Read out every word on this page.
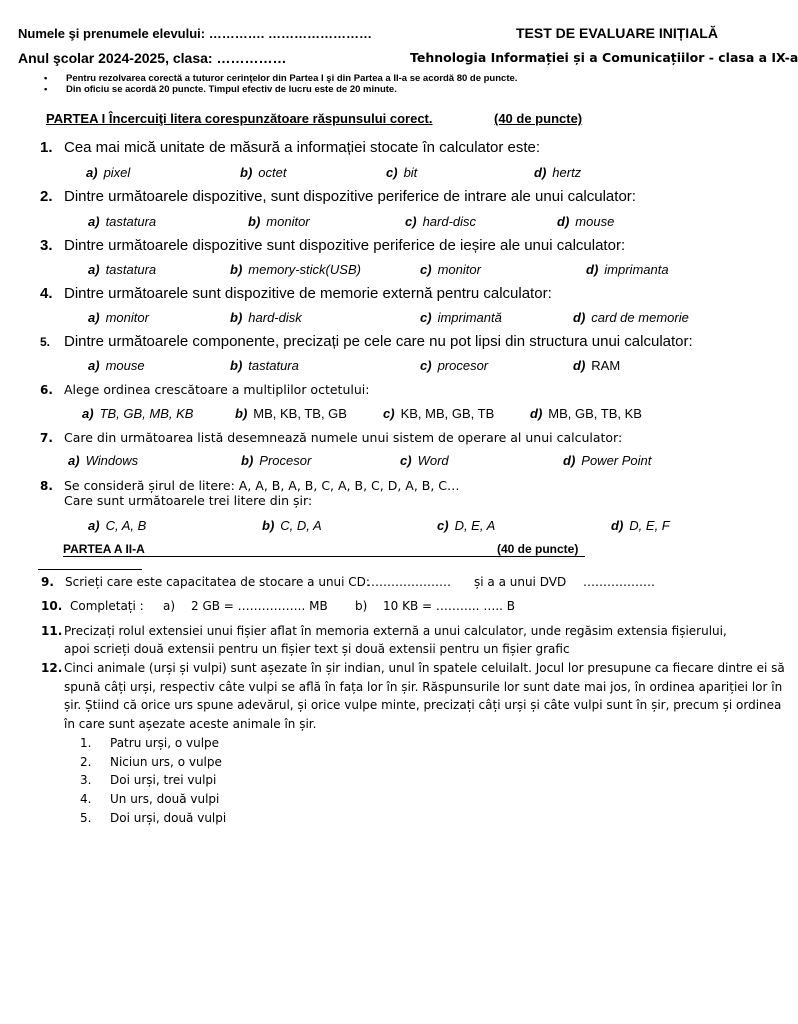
Numele şi prenumele elevului: …………. ……………………	TEST DE EVALUARE INIȚIALĂ
Anul şcolar 2024-2025, clasa: ……………	Tehnologia Informației și a Comunicațiilor - clasa a IX-a
• Pentru rezolvarea corectă a tuturor cerinţelor din Partea I şi din Partea a II-a se acordă 80 de puncte.
• Din oficiu se acordă 20 puncte. Timpul efectiv de lucru este de 20 minute.
PARTEA I Încercuiţi litera corespunzătoare răspunsului corect.	(40 de puncte)
1. Cea mai mică unitate de măsură a informației stocate în calculator este:
a) pixel	b) octet	c) bit	d) hertz
2. Dintre următoarele dispozitive, sunt dispozitive periferice de intrare ale unui calculator:
a) tastatura	b) monitor	c) hard-disc	d) mouse
3. Dintre următoarele dispozitive sunt dispozitive periferice de ieșire ale unui calculator:
a) tastatura	b) memory-stick(USB)	c) monitor	d) imprimanta
4. Dintre următoarele sunt dispozitive de memorie externă pentru calculator:
a) monitor	b) hard-disk	c) imprimantă	d) card de memorie
5. Dintre următoarele componente, precizați pe cele care nu pot lipsi din structura unui calculator:
a) mouse	b) tastatura	c) procesor	d) RAM
6. Alege ordinea crescătoare a multiplilor octetului:
a) TB, GB, MB, KB	b) MB, KB, TB, GB	c) KB, MB, GB, TB	d) MB, GB, TB, KB
7. Care din următoarea listă desemnează numele unui sistem de operare al unui calculator:
a) Windows	b) Procesor	c) Word	d) Power Point
8. Se consideră șirul de litere: A, A, B, A, B, C, A, B, C, D, A, B, C…
Care sunt următoarele trei litere din șir:
a) C, A, B	b) C, D, A	c) D, E, A	d) D, E, F
PARTEA A II-A	(40 de puncte)
9. Scrieți care este capacitatea de stocare a unui CD:
………………… și a a unui DVD ………………
10. Completați : a) 2 GB = …………….. MB b) 10 KB = ……….. ….. B
11. Precizați rolul extensiei unui fișier aflat în memoria externă a unui calculator, unde regăsim extensia fișierului,
apoi scrieți două extensii pentru un fișier text și două extensii pentru un fișier grafic
12. Cinci animale (urși și vulpi) sunt așezate în șir indian, unul în spatele celuilalt. Jocul lor presupune ca fiecare dintre ei să
spună câți urși, respectiv câte vulpi se află în fața lor în șir. Răspunsurile lor sunt date mai jos, în ordinea apariției lor în
șir. Știind că orice urs spune adevărul, și orice vulpe minte, precizați câți urși și câte vulpi sunt în șir, precum și ordinea
în care sunt așezate aceste animale în șir.
1. Patru urși, o vulpe
2. Niciun urs, o vulpe
3. Doi urși, trei vulpi
4. Un urs, două vulpi
5. Doi urși, două vulpi
